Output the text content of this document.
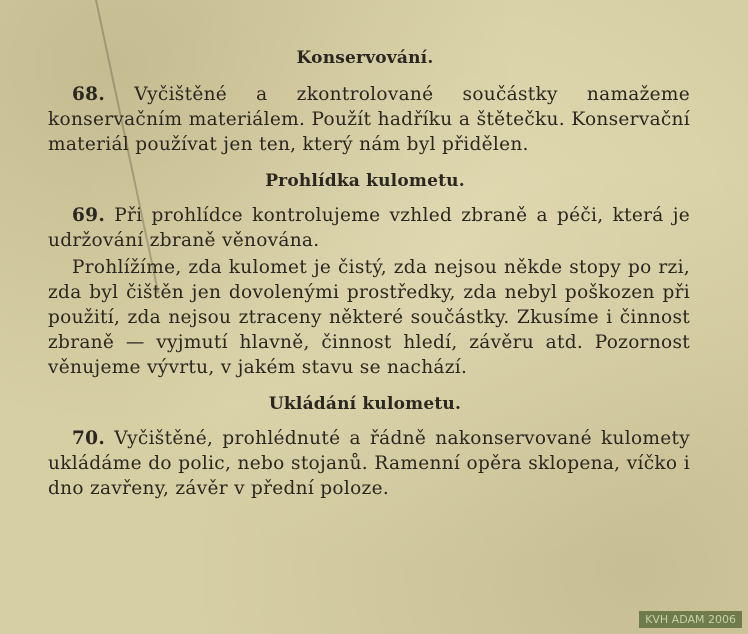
Konservování.

68. Vyčištěné a zkontrolované součástky namažeme konservačním materiálem. Použít hadříku a štětečku. Konservační materiál používat jen ten, který nám byl přidělen.

Prohlídka kulometu.

69. Při prohlídce kontrolujeme vzhled zbraně a péči, která je udržování zbraně věnována.

Prohlížíme, zda kulomet je čistý, zda nejsou někde stopy po rzi, zda byl čištěn jen dovolenými prostředky, zda nebyl poškozen při použití, zda nejsou ztraceny některé součástky. Zkusíme i činnost zbraně — vyjmutí hlavně, činnost hledí, závěru atd. Pozornost věnujeme vývrtu, v jakém stavu se nachází.

Ukládání kulometu.

70. Vyčištěné, prohlédnuté a řádně nakonservované kulomety ukládáme do polic, nebo stojanů. Ramenní opěra sklopena, víčko i dno zavřeny, závěr v přední poloze.

KVH ADAM 2006
